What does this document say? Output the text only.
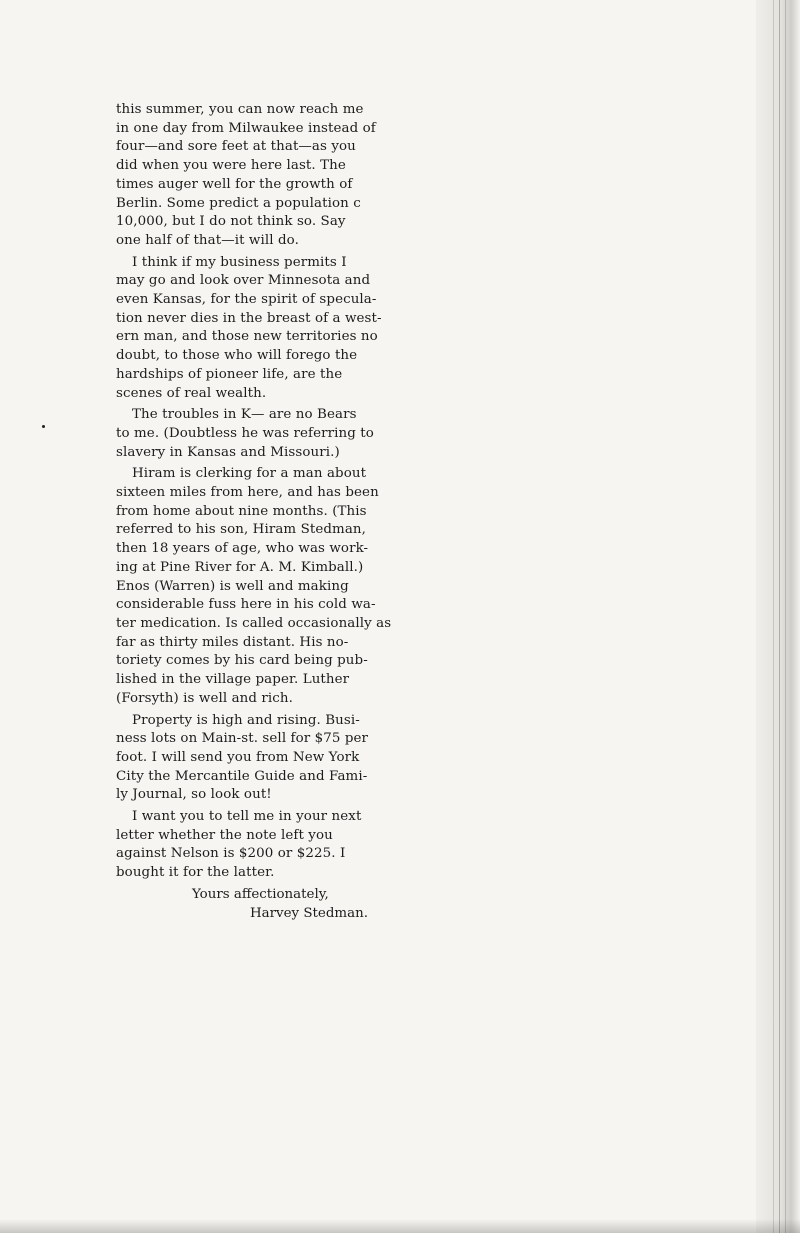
this summer, you can now reach me
in one day from Milwaukee instead of
four—and sore feet at that—as you
did when you were here last. The
times auger well for the growth of
Berlin. Some predict a population c
10,000, but I do not think so. Say
one half of that—it will do.

I think if my business permits I
may go and look over Minnesota and
even Kansas, for the spirit of specula-
tion never dies in the breast of a west-
ern man, and those new territories no
doubt, to those who will forego the
hardships of pioneer life, are the
scenes of real wealth.

The troubles in K— are no Bears
to me. (Doubtless he was referring to
slavery in Kansas and Missouri.)

Hiram is clerking for a man about
sixteen miles from here, and has been
from home about nine months. (This
referred to his son, Hiram Stedman,
then 18 years of age, who was work-
ing at Pine River for A. M. Kimball.)
Enos (Warren) is well and making
considerable fuss here in his cold wa-
ter medication. Is called occasionally as
far as thirty miles distant. His no-
toriety comes by his card being pub-
lished in the village paper. Luther
(Forsyth) is well and rich.

Property is high and rising. Busi-
ness lots on Main-st. sell for $75 per
foot. I will send you from New York
City the Mercantile Guide and Fami-
ly Journal, so look out!

I want you to tell me in your next
letter whether the note left you
against Nelson is $200 or $225. I
bought it for the latter.

Yours affectionately,

Harvey Stedman.
